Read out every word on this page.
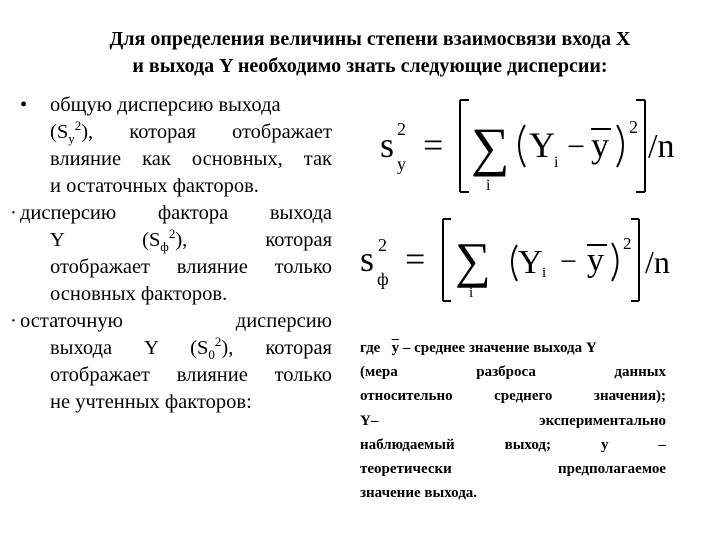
Для определения величины степени взаимосвязи входа X
и выхода Y необходимо знать следующие дисперсии:
•	общую дисперсию выхода

$(S_y^2)$, которая отображает

влияние как основных, так

и остаточных факторов.

· дисперсию фактора выхода

Y	$(S_ф^2)$, которая

отображает влияние только

основных факторов.

· остаточную дисперсию

выхода Y $(S_0^2)$, которая

отображает влияние только

не учтенных факторов:

s 2
y = ∑
i
Y i − y 2
/n
s 2
ф = ∑
i
Y i − y 2
/n

где $\overline{y}$ – среднее значение выхода Y

(мера	разброса	данных

относительно среднего значения);

Y–	экспериментально

наблюдаемый	выход;	y	–

теоретически	предполагаемое

значение выхода.
